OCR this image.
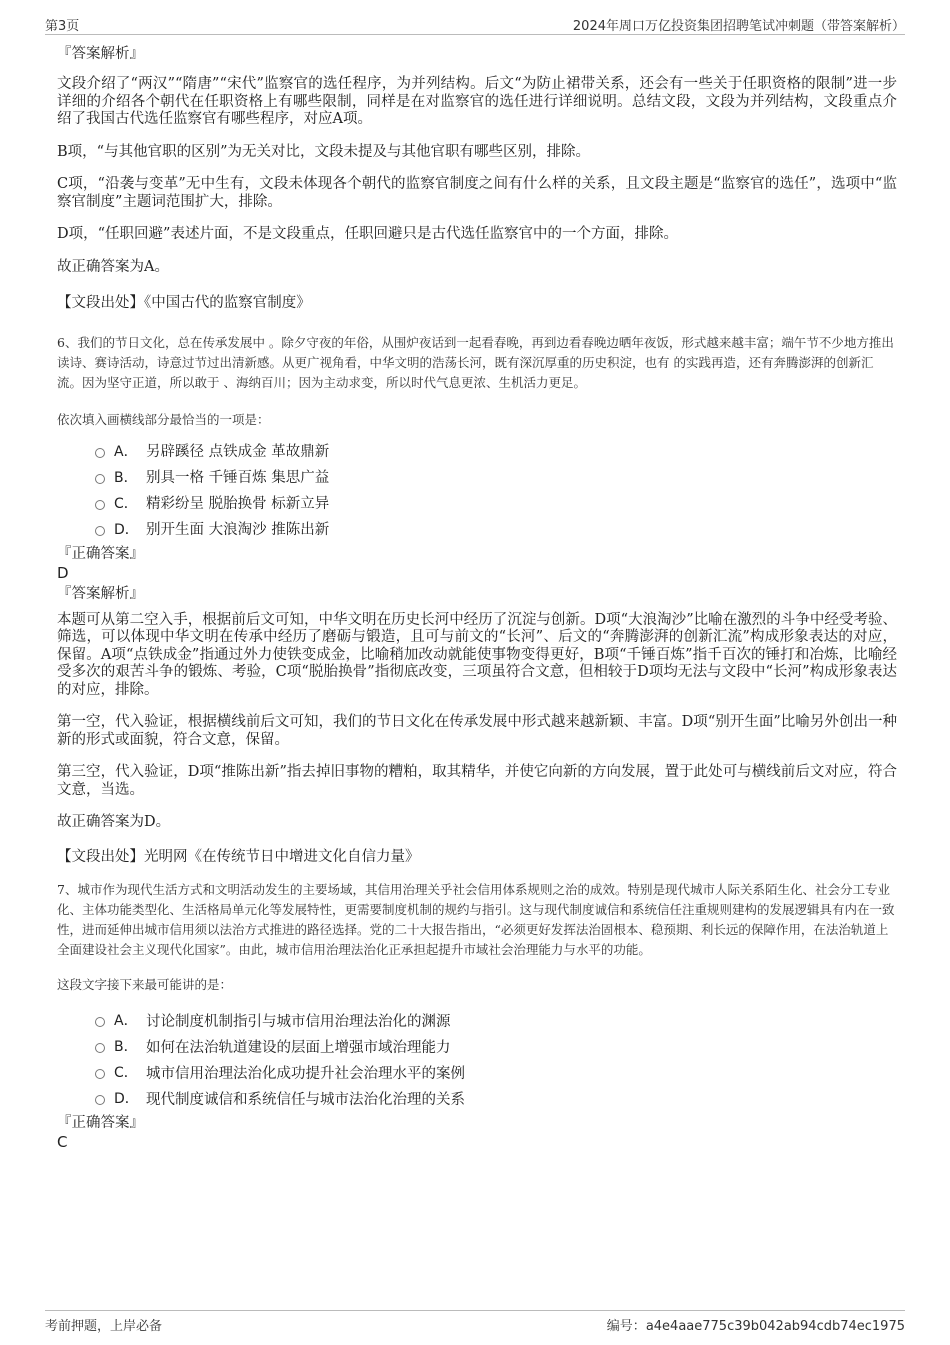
第3页	2024年周口万亿投资集团招聘笔试冲刺题（带答案解析）

『答案解析』

文段介绍了“两汉”“隋唐”“宋代”监察官的选任程序，为并列结构。后文“为防止裙带关系，还会有一些关于任职资格的限制”进一步详细的介绍各个朝代在任职资格上有哪些限制，同样是在对监察官的选任进行详细说明。总结文段，文段为并列结构，文段重点介绍了我国古代选任监察官有哪些程序，对应A项。

B项，“与其他官职的区别”为无关对比，文段未提及与其他官职有哪些区别，排除。

C项，“沿袭与变革”无中生有，文段未体现各个朝代的监察官制度之间有什么样的关系，且文段主题是“监察官的选任”，选项中“监察官制度”主题词范围扩大，排除。

D项，“任职回避”表述片面，不是文段重点，任职回避只是古代选任监察官中的一个方面，排除。

故正确答案为A。

【文段出处】《中国古代的监察官制度》

6、我们的节日文化，总在传承发展中 。除夕守夜的年俗，从围炉夜话到一起看春晚，再到边看春晚边晒年夜饭，形式越来越丰富；端午节不少地方推出读诗、赛诗活动，诗意过节过出清新感。从更广视角看，中华文明的浩荡长河，既有深沉厚重的历史积淀，也有 的实践再造，还有奔腾澎湃的创新汇流。因为坚守正道，所以敢于 、海纳百川；因为主动求变，所以时代气息更浓、生机活力更足。

依次填入画横线部分最恰当的一项是：

A． 另辟蹊径 点铁成金 革故鼎新
B． 别具一格 千锤百炼 集思广益
C． 精彩纷呈 脱胎换骨 标新立异
D． 别开生面 大浪淘沙 推陈出新

『正确答案』

D

『答案解析』

本题可从第二空入手，根据前后文可知，中华文明在历史长河中经历了沉淀与创新。D项“大浪淘沙”比喻在激烈的斗争中经受考验、筛选，可以体现中华文明在传承中经历了磨砺与锻造，且可与前文的“长河”、后文的“奔腾澎湃的创新汇流”构成形象表达的对应，保留。A项“点铁成金”指通过外力使铁变成金，比喻稍加改动就能使事物变得更好，B项“千锤百炼”指千百次的锤打和冶炼，比喻经受多次的艰苦斗争的锻炼、考验，C项“脱胎换骨”指彻底改变，三项虽符合文意，但相较于D项均无法与文段中“长河”构成形象表达的对应，排除。

第一空，代入验证，根据横线前后文可知，我们的节日文化在传承发展中形式越来越新颖、丰富。D项“别开生面”比喻另外创出一种新的形式或面貌，符合文意，保留。

第三空，代入验证，D项“推陈出新”指去掉旧事物的糟粕，取其精华，并使它向新的方向发展，置于此处可与横线前后文对应，符合文意，当选。

故正确答案为D。

【文段出处】光明网《在传统节日中增进文化自信力量》

7、城市作为现代生活方式和文明活动发生的主要场域，其信用治理关乎社会信用体系规则之治的成效。特别是现代城市人际关系陌生化、社会分工专业化、主体功能类型化、生活格局单元化等发展特性，更需要制度机制的规约与指引。这与现代制度诚信和系统信任注重规则建构的发展逻辑具有内在一致性，进而延伸出城市信用须以法治方式推进的路径选择。党的二十大报告指出，“必须更好发挥法治固根本、稳预期、利长远的保障作用，在法治轨道上全面建设社会主义现代化国家”。由此，城市信用治理法治化正承担起提升市域社会治理能力与水平的功能。

这段文字接下来最可能讲的是：

A． 讨论制度机制指引与城市信用治理法治化的渊源
B． 如何在法治轨道建设的层面上增强市域治理能力
C． 城市信用治理法治化成功提升社会治理水平的案例
D． 现代制度诚信和系统信任与城市法治化治理的关系

『正确答案』

C

考前押题，上岸必备	编号：a4e4aae775c39b042ab94cdb74ec1975
